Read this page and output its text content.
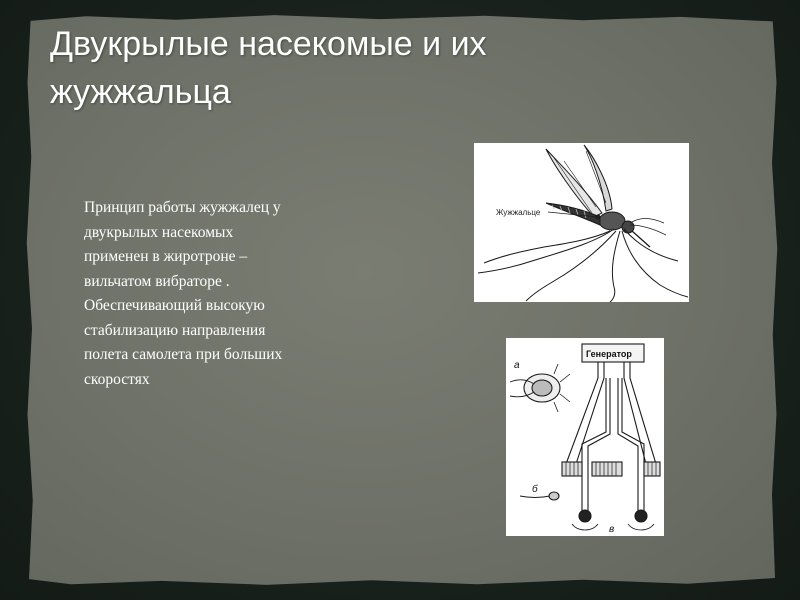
Двукрылые насекомые и их
жужжальца

Принцип работы жужжалец у
двукрылых насекомых
применен в жиротроне –
вильчатом вибраторе .
Обеспечивающий высокую
стабилизацию направления
полета самолета при больших
скоростях

Жужжальце
Генератор
а
б
в
